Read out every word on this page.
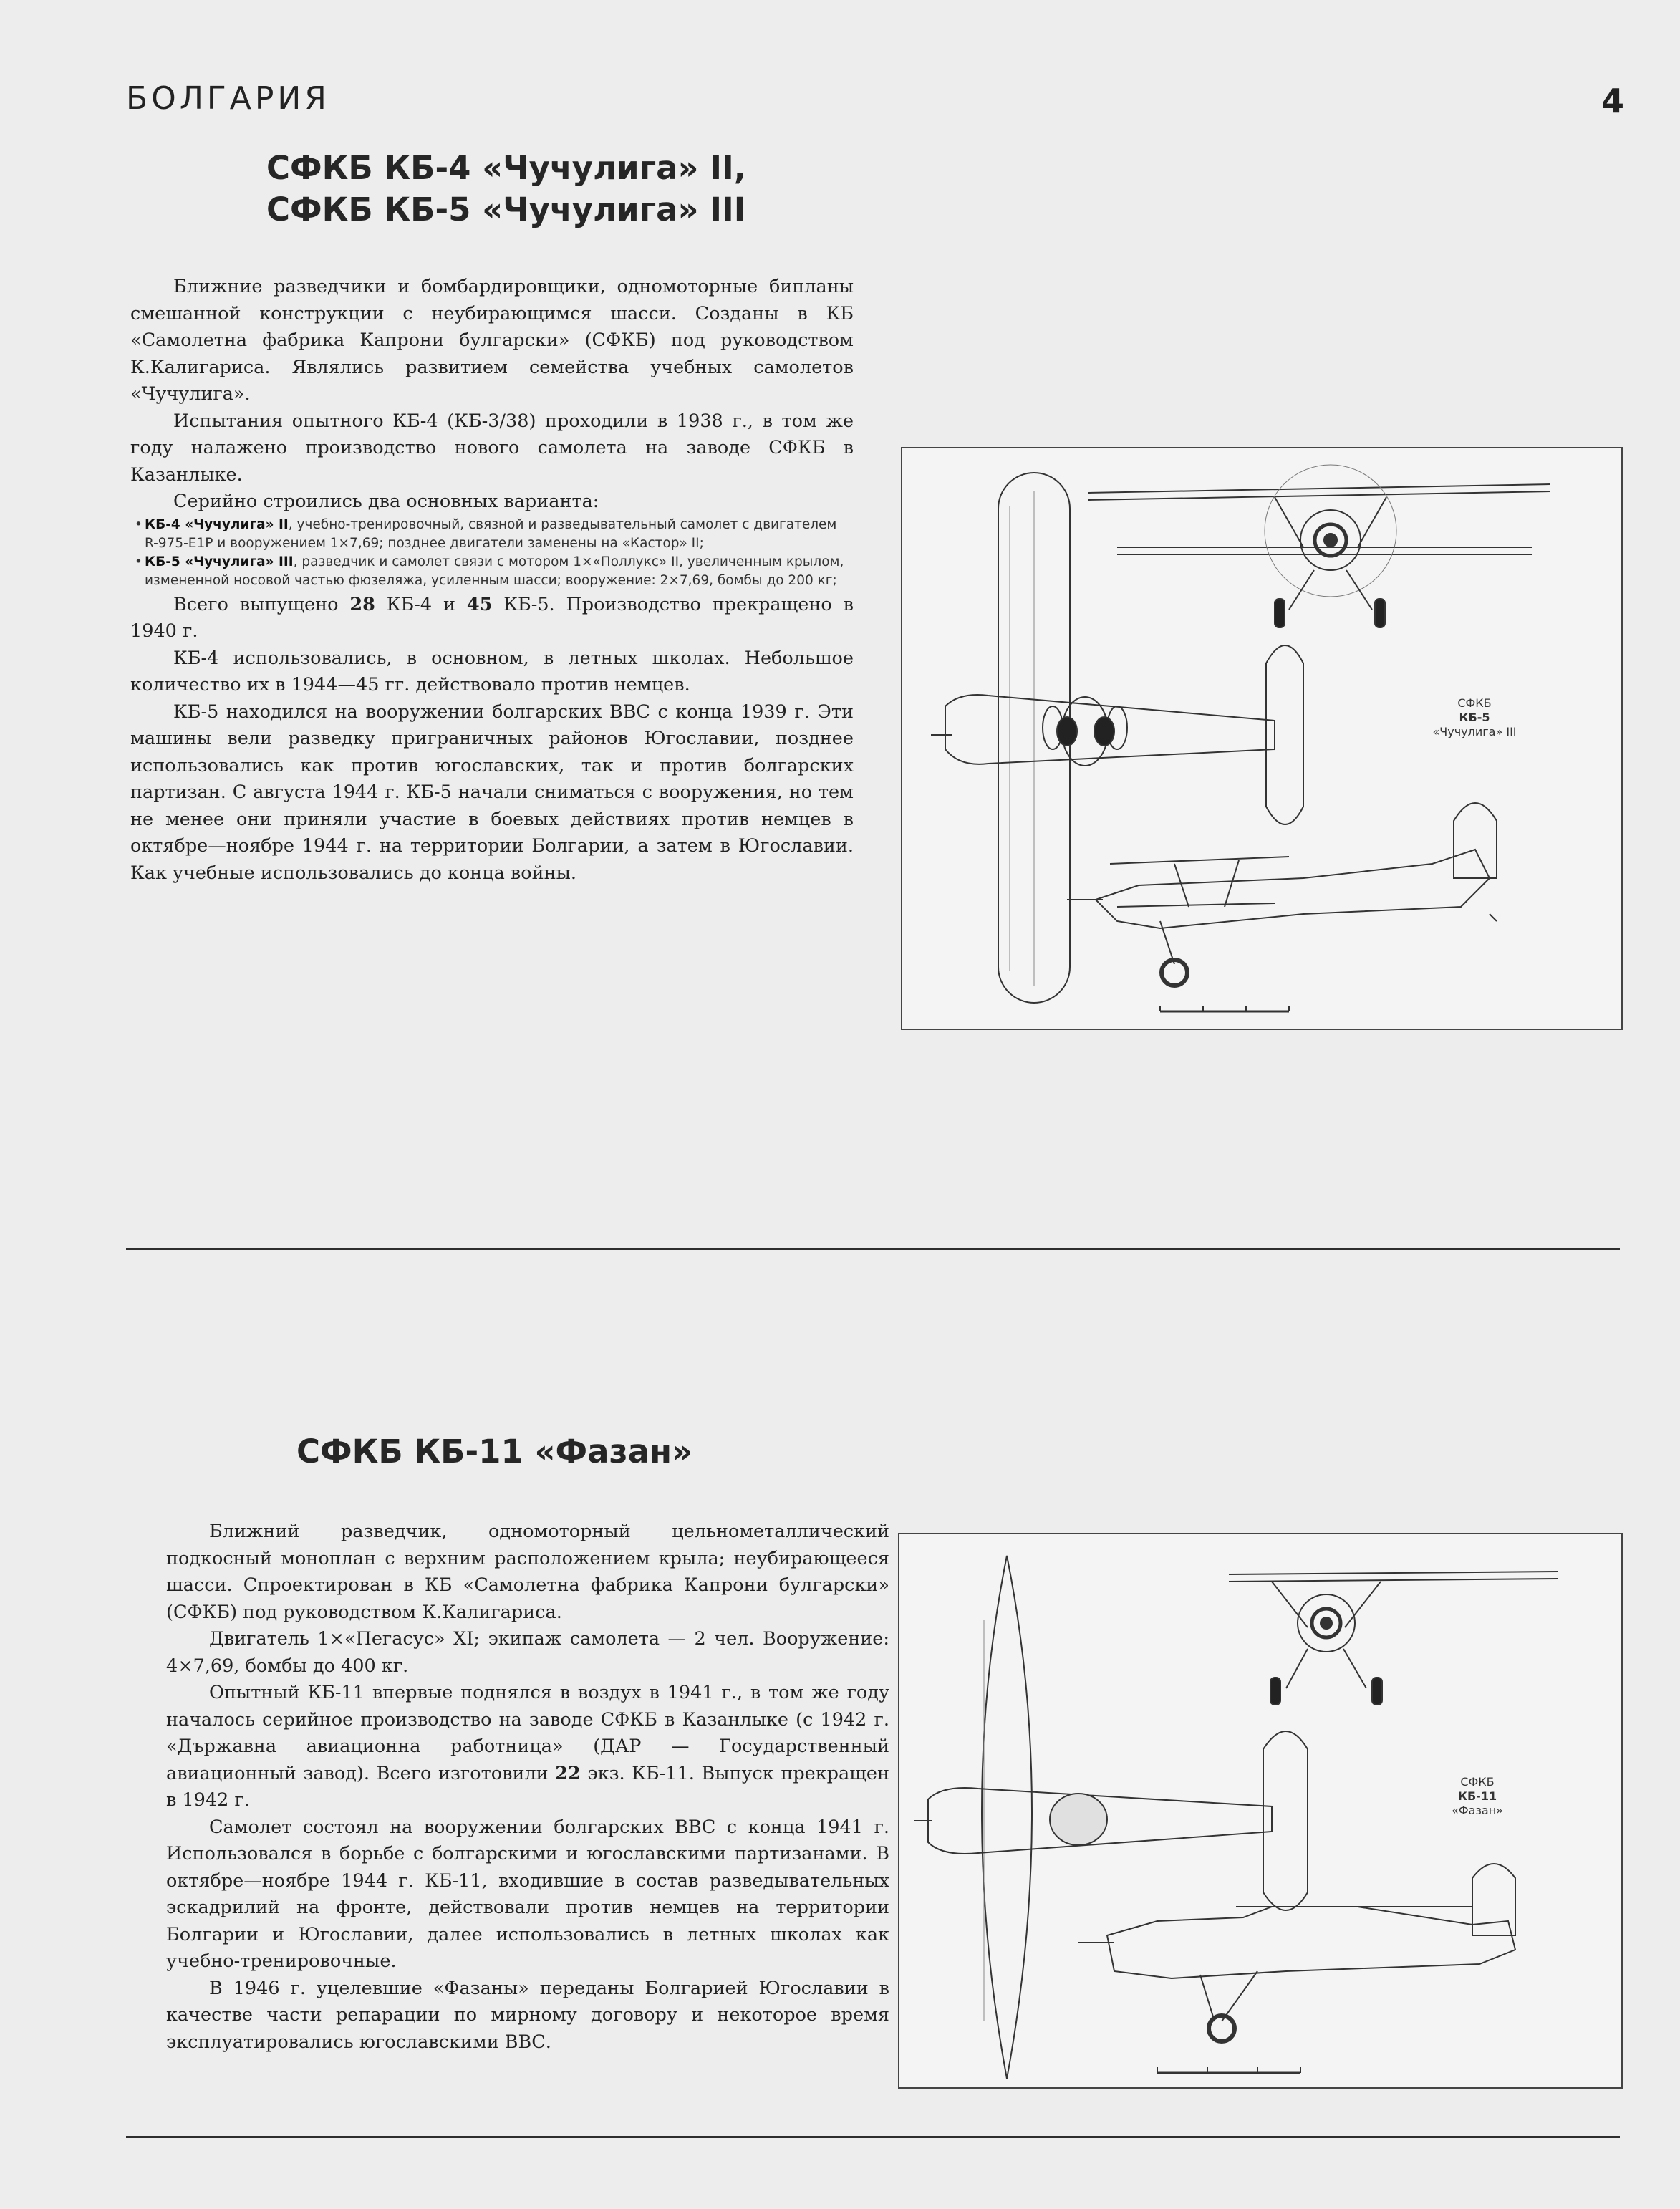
БОЛГАРИЯ	4
СФКБ КБ-4 «Чучулига» II,
СФКБ КБ-5 «Чучулига» III

Ближние разведчики и бомбардировщики, одномоторные бипланы смешанной конструкции с неубирающимся шасси. Созданы в КБ «Самолетна фабрика Капрони булгарски» (СФКБ) под руководством К.Калигариса. Являлись развитием семейства учебных самолетов «Чучулига».

Испытания опытного КБ-4 (КБ-3/38) проходили в 1938 г., в том же году налажено производство нового самолета на заводе СФКБ в Казанлыке.

Серийно строились два основных варианта:

• КБ-4 «Чучулига» II, учебно-тренировочный, связной и разведывательный самолет с двигателем R-975-E1P и вооружением 1×7,69; позднее двигатели заменены на «Кастор» II;
• КБ-5 «Чучулига» III, разведчик и самолет связи с мотором 1×«Поллукс» II, увеличенным крылом, измененной носовой частью фюзеляжа, усиленным шасси; вооружение: 2×7,69, бомбы до 200 кг;

Всего выпущено 28 КБ-4 и 45 КБ-5. Производство прекращено в 1940 г.

КБ-4 использовались, в основном, в летных школах. Небольшое количество их в 1944—45 гг. действовало против немцев.

КБ-5 находился на вооружении болгарских ВВС с конца 1939 г. Эти машины вели разведку приграничных районов Югославии, позднее использовались как против югославских, так и против болгарских партизан. С августа 1944 г. КБ-5 начали сниматься с вооружения, но тем не менее они приняли участие в боевых действиях против немцев в октябре—ноябре 1944 г. на территории Болгарии, а затем в Югославии. Как учебные использовались до конца войны.

СФКБ
КБ-5
«Чучулига» III
СФКБ КБ-11 «Фазан»

Ближний разведчик, одномоторный цельнометаллический подкосный моноплан с верхним расположением крыла; неубирающееся шасси. Спроектирован в КБ «Самолетна фабрика Капрони булгарски» (СФКБ) под руководством К.Калигариса.

Двигатель 1×«Пегасус» XI; экипаж самолета — 2 чел. Вооружение: 4×7,69, бомбы до 400 кг.

Опытный КБ-11 впервые поднялся в воздух в 1941 г., в том же году началось серийное производство на заводе СФКБ в Казанлыке (с 1942 г. «Държавна авиационна работница» (ДАР — Государственный авиационный завод). Всего изготовили 22 экз. КБ-11. Выпуск прекращен в 1942 г.

Самолет состоял на вооружении болгарских ВВС с конца 1941 г. Использовался в борьбе с болгарскими и югославскими партизанами. В октябре—ноябре 1944 г. КБ-11, входившие в состав разведывательных эскадрилий на фронте, действовали против немцев на территории Болгарии и Югославии, далее использовались в летных школах как учебно-тренировочные.

В 1946 г. уцелевшие «Фазаны» переданы Болгарией Югославии в качестве части репарации по мирному договору и некоторое время эксплуатировались югославскими ВВС.

СФКБ
КБ-11
«Фазан»
